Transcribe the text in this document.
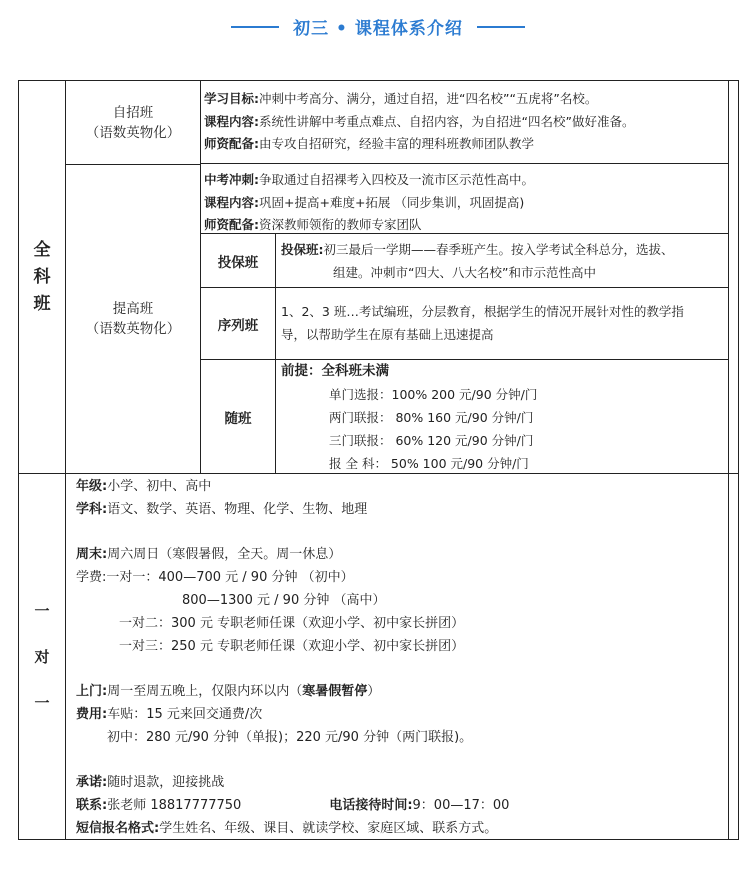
初三 • 课程体系介绍
全科班
自招班
（语数英物化）
学习目标:冲刺中考高分、满分，通过自招，进“四名校”“五虎将”名校。
课程内容:系统性讲解中考重点难点、自招内容，为自招进“四名校”做好准备。
师资配备:由专攻自招研究，经验丰富的理科班教师团队教学
提高班
（语数英物化）
中考冲刺:争取通过自招裸考入四校及一流市区示范性高中。
课程内容:巩固+提高+难度+拓展 （同步集训，巩固提高)
师资配备:资深教师领衔的教师专家团队
投保班
投保班:初三最后一学期——春季班产生。按入学考试全科总分，选拔、
组建。冲刺市“四大、八大名校”和市示范性高中
序列班
1、2、3 班…考试编班，分层教育，根据学生的情况开展针对性的教学指
导，以帮助学生在原有基础上迅速提高
随班
前提：全科班未满
单门选报：100% 200 元/90 分钟/门
两门联报： 80% 160 元/90 分钟/门
三门联报： 60% 120 元/90 分钟/门
报 全 科： 50% 100 元/90 分钟/门
一
对
一
年级:小学、初中、高中
学科:语文、数学、英语、物理、化学、生物、地理
周末:周六周日（寒假暑假，全天。周一休息）
学费:一对一：400—700 元 / 90 分钟 （初中）
800—1300 元 / 90 分钟 （高中）
一对二：300 元 专职老师任课（欢迎小学、初中家长拼团）
一对三：250 元 专职老师任课（欢迎小学、初中家长拼团）
上门:周一至周五晚上，仅限内环以内（寒暑假暂停）
费用:车贴：15 元来回交通费/次
初中：280 元/90 分钟（单报)；220 元/90 分钟（两门联报)。
承诺:随时退款，迎接挑战
联系:张老师 18817777750	电话接待时间:9：00—17：00
短信报名格式:学生姓名、年级、课目、就读学校、家庭区域、联系方式。
